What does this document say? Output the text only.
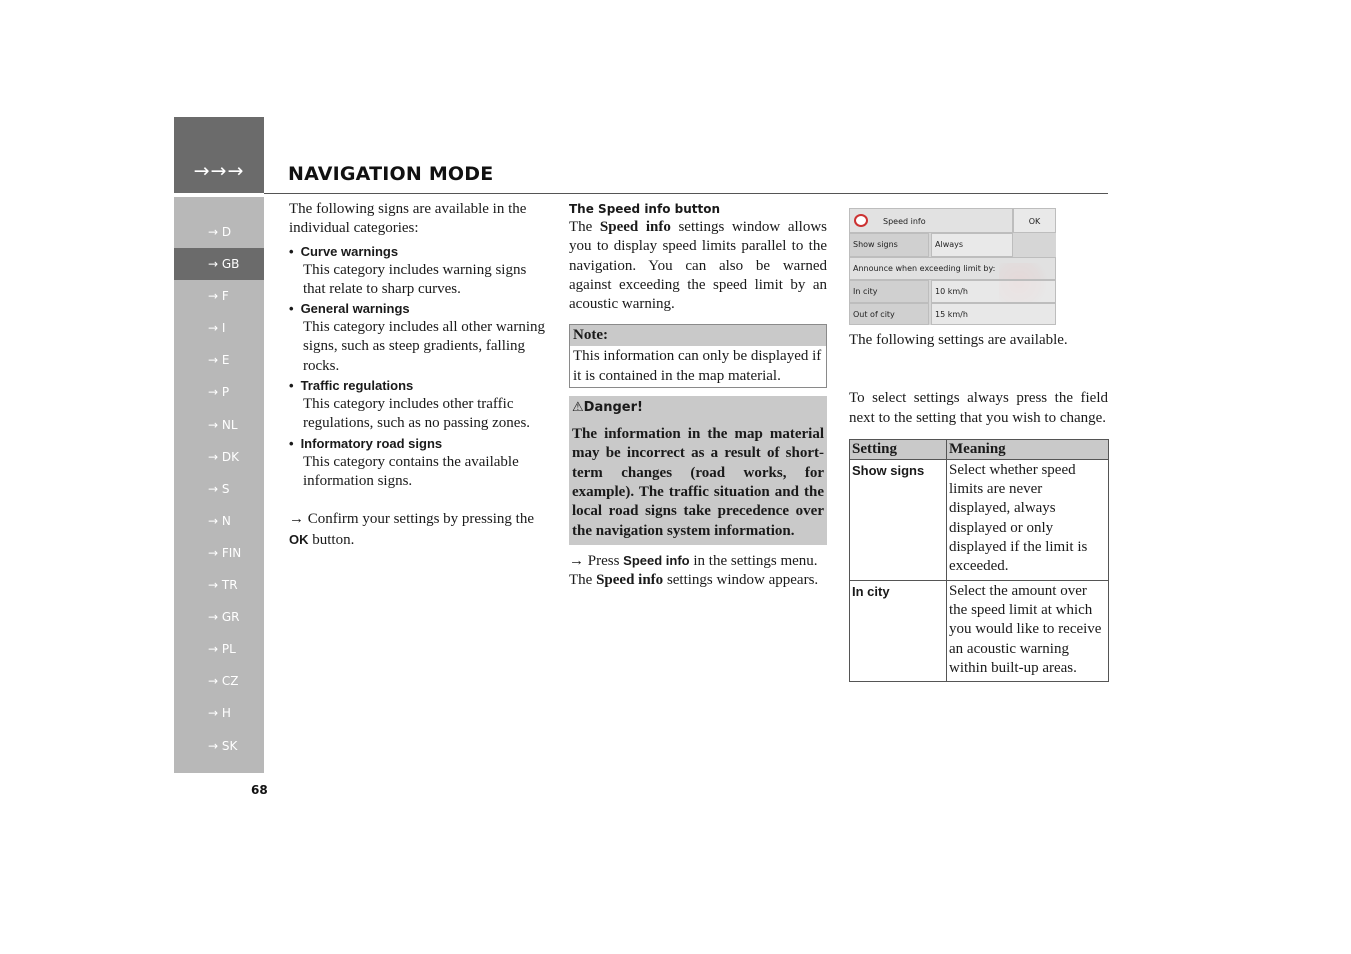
→→→	NAVIGATION MODE
→ D
→ GB
→ F
→ I
→ E
→ P
→ NL
→ DK
→ S
→ N
→ FIN
→ TR
→ GR
→ PL
→ CZ
→ H
→ SK
68
The following signs are available in the individual categories:
• Curve warnings
This category includes warning signs that relate to sharp curves.
• General warnings
This category includes all other warning signs, such as steep gradients, falling rocks.
• Traffic regulations
This category includes other traffic regulations, such as no passing zones.
• Informatory road signs
This category contains the available information signs.
→ Confirm your settings by pressing the OK button.
The Speed info button
The Speed info settings window allows you to display speed limits parallel to the navigation. You can also be warned against exceeding the speed limit by an acoustic warning.
Note:
This information can only be displayed if it is contained in the map material.
⚠Danger!
The information in the map material may be incorrect as a result of short-term changes (road works, for example). The traffic situation and the local road signs take precedence over the navigation system information.
→ Press Speed info in the settings menu.
The Speed info settings window appears.
Speed info	OK
Show signs	Always
Announce when exceeding limit by:
In city	10 km/h
Out of city	15 km/h
The following settings are available.
To select settings always press the field next to the setting that you wish to change.
Setting	Meaning
Show signs	Select whether speed limits are never displayed, always displayed or only displayed if the limit is exceeded.
In city	Select the amount over the speed limit at which you would like to receive an acoustic warning within built-up areas.
